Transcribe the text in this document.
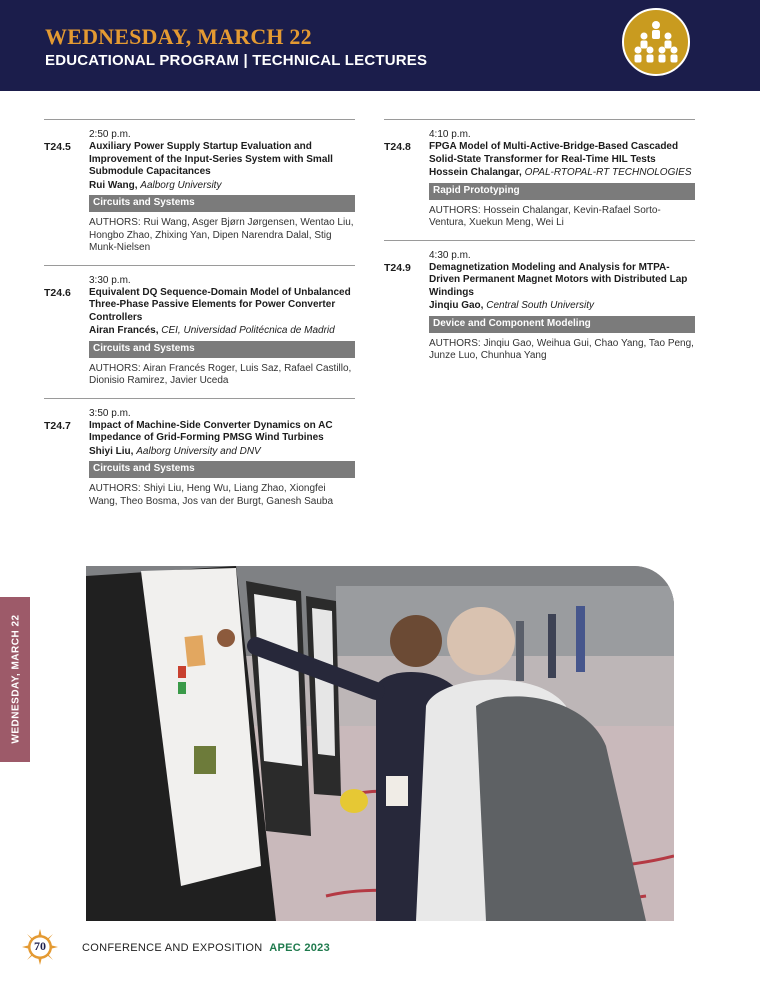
WEDNESDAY, MARCH 22
EDUCATIONAL PROGRAM | TECHNICAL LECTURES
2:50 p.m.
T24.5	Auxiliary Power Supply Startup Evaluation and Improvement of the Input-Series System with Small Submodule Capacitances
Rui Wang, Aalborg University
Circuits and Systems
AUTHORS: Rui Wang, Asger Bjørn Jørgensen, Wentao Liu, Hongbo Zhao, Zhixing Yan, Dipen Narendra Dalal, Stig Munk-Nielsen
3:30 p.m.
T24.6	Equivalent DQ Sequence-Domain Model of Unbalanced Three-Phase Passive Elements for Power Converter Controllers
Airan Francés, CEI, Universidad Politécnica de Madrid
Circuits and Systems
AUTHORS: Airan Francés Roger, Luis Saz, Rafael Castillo, Dionisio Ramirez, Javier Uceda
3:50 p.m.
T24.7	Impact of Machine-Side Converter Dynamics on AC Impedance of Grid-Forming PMSG Wind Turbines
Shiyi Liu, Aalborg University and DNV
Circuits and Systems
AUTHORS: Shiyi Liu, Heng Wu, Liang Zhao, Xiongfei Wang, Theo Bosma, Jos van der Burgt, Ganesh Sauba
4:10 p.m.
T24.8	FPGA Model of Multi-Active-Bridge-Based Cascaded Solid-State Transformer for Real-Time HIL Tests
Hossein Chalangar, OPAL-RTOPAL-RT TECHNOLOGIES
Rapid Prototyping
AUTHORS: Hossein Chalangar, Kevin-Rafael Sorto-Ventura, Xuekun Meng, Wei Li
4:30 p.m.
T24.9	Demagnetization Modeling and Analysis for MTPA-Driven Permanent Magnet Motors with Distributed Lap Windings
Jinqiu Gao, Central South University
Device and Component Modeling
AUTHORS: Jinqiu Gao, Weihua Gui, Chao Yang, Tao Peng, Junze Luo, Chunhua Yang
WEDNESDAY, MARCH 22
70	CONFERENCE AND EXPOSITION APEC 2023
